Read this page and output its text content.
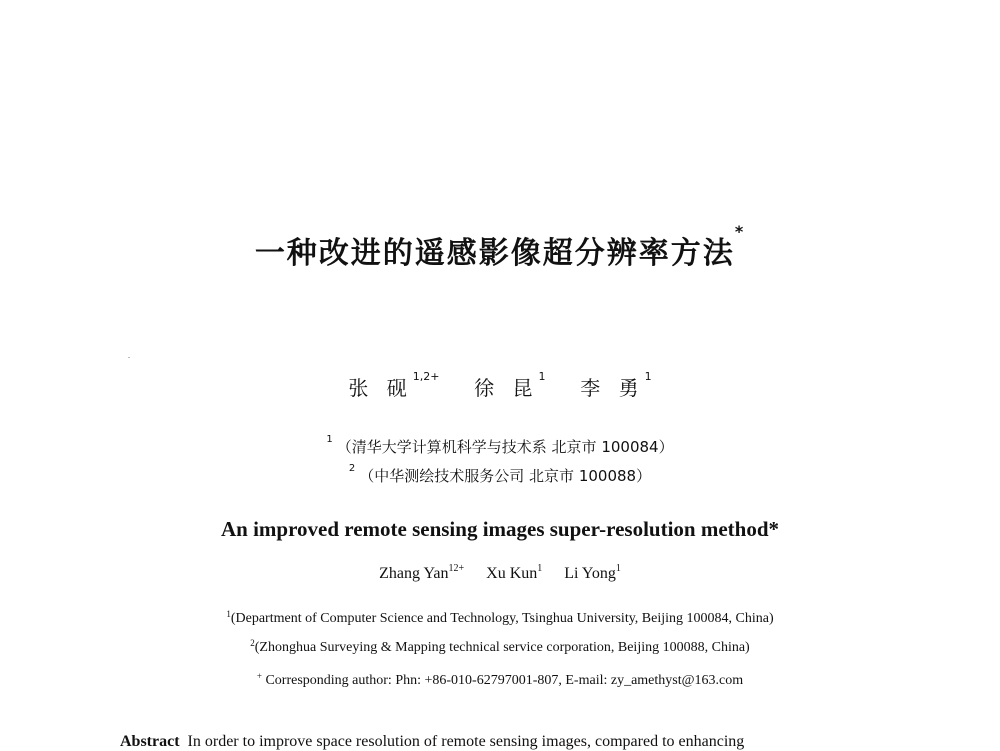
一种改进的遥感影像超分辨率方法*
张 砚$^{1,2+}$ 徐 昆$^1$ 李 勇$^1$
$^1$ （清华大学计算机科学与技术系 北京市 100084）
$^2$ （中华测绘技术服务公司 北京市 100088）
An improved remote sensing images super-resolution method*
Zhang Yan$^{12+}$ Xu Kun$^1$ Li Yong$^1$
$^1$(Department of Computer Science and Technology, Tsinghua University, Beijing 100084, China)
$^2$(Zhonghua Surveying & Mapping technical service corporation, Beijing 100088, China)
+ Corresponding author: Phn: +86-010-62797001-807, E-mail: zy_amethyst@163.com
Abstract In order to improve space resolution of remote sensing images, compared to enhancing
